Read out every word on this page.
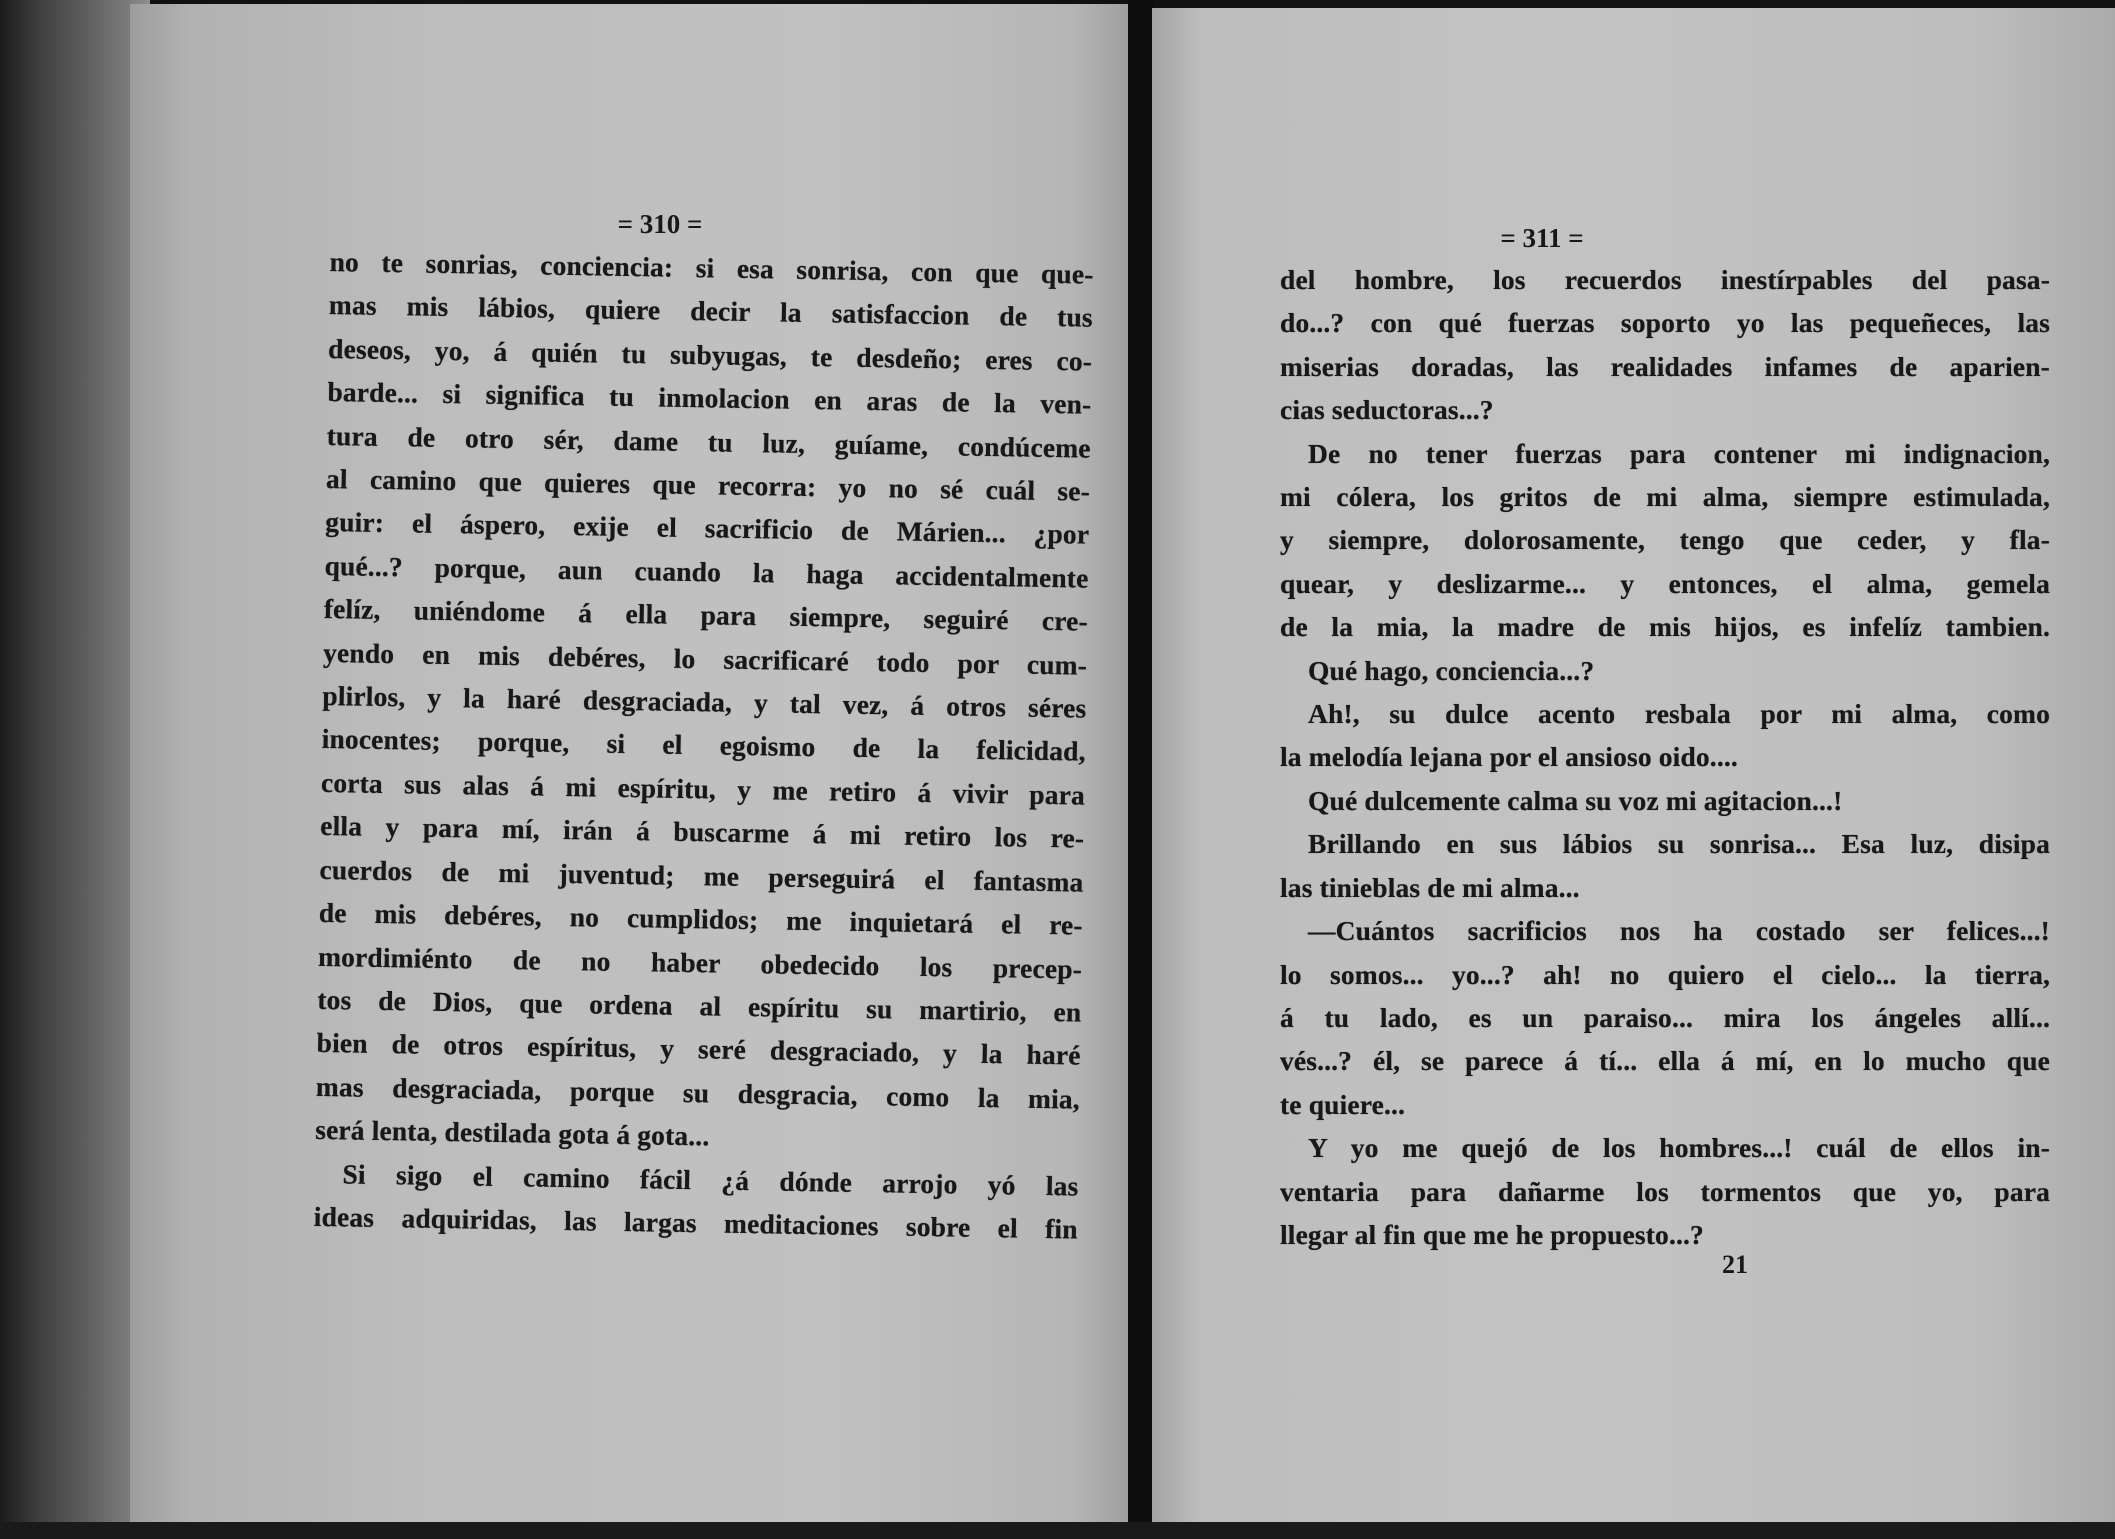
= 310 =
no te sonrias, conciencia: si esa sonrisa, con que que-
mas mis lábios, quiere decir la satisfaccion de tus
deseos, yo, á quién tu subyugas, te desdeño; eres co-
barde... si significa tu inmolacion en aras de la ven-
tura de otro sér, dame tu luz, guíame, condúceme
al camino que quieres que recorra: yo no sé cuál se-
guir: el áspero, exije el sacrificio de Márien... ¿por
qué...? porque, aun cuando la haga accidentalmente
felíz, uniéndome á ella para siempre, seguiré cre-
yendo en mis debéres, lo sacrificaré todo por cum-
plirlos, y la haré desgraciada, y tal vez, á otros séres
inocentes; porque, si el egoismo de la felicidad,
corta sus alas á mi espíritu, y me retiro á vivir para
ella y para mí, irán á buscarme á mi retiro los re-
cuerdos de mi juventud; me perseguirá el fantasma
de mis debéres, no cumplidos; me inquietará el re-
mordimiénto de no haber obedecido los precep-
tos de Dios, que ordena al espíritu su martirio, en
bien de otros espíritus, y seré desgraciado, y la haré
mas desgraciada, porque su desgracia, como la mia,
será lenta, destilada gota á gota...
Si sigo el camino fácil ¿á dónde arrojo yó las
ideas adquiridas, las largas meditaciones sobre el fin
= 311 =
del hombre, los recuerdos inestírpables del pasa-
do...? con qué fuerzas soporto yo las pequeñeces, las
miserias doradas, las realidades infames de aparien-
cias seductoras...?
De no tener fuerzas para contener mi indignacion,
mi cólera, los gritos de mi alma, siempre estimulada,
y siempre, dolorosamente, tengo que ceder, y fla-
quear, y deslizarme... y entonces, el alma, gemela
de la mia, la madre de mis hijos, es infelíz tambien.
Qué hago, conciencia...?
Ah!, su dulce acento resbala por mi alma, como
la melodía lejana por el ansioso oido....
Qué dulcemente calma su voz mi agitacion...!
Brillando en sus lábios su sonrisa... Esa luz, disipa
las tinieblas de mi alma...
—Cuántos sacrificios nos ha costado ser felices...!
lo somos... yo...? ah! no quiero el cielo... la tierra,
á tu lado, es un paraiso... mira los ángeles allí...
vés...? él, se parece á tí... ella á mí, en lo mucho que
te quiere...
Y yo me quejó de los hombres...! cuál de ellos in-
ventaria para dañarme los tormentos que yo, para
llegar al fin que me he propuesto...?
21
